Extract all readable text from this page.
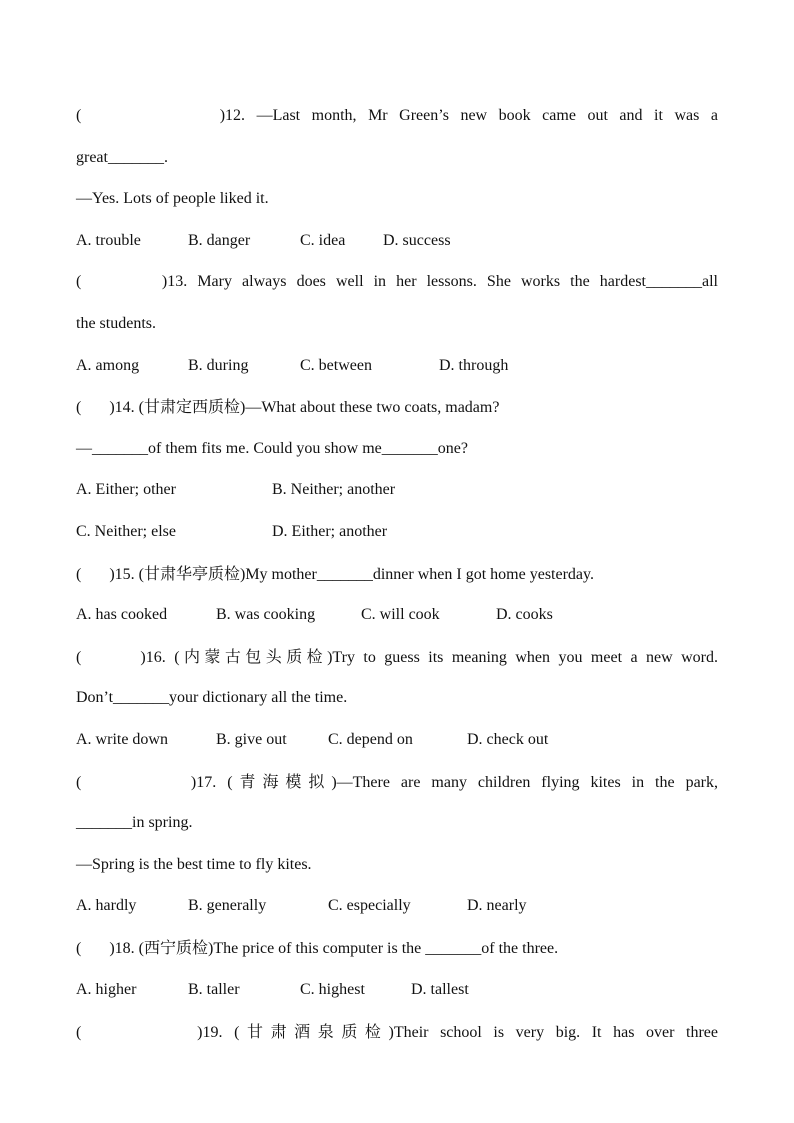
(            )12. —Last month, Mr Green’s new book came out and it was a
great_______.
—Yes. Lots of people liked it.
A. trouble	B. danger	C. idea	D. success
(        )13. Mary always does well in her lessons. She works the hardest_______all
the students.
A. among	B. during	C. between	D. through
(       )14. (甘肃定西质检)—What about these two coats, madam?
—_______of them fits me. Could you show me_______one?
A. Either; other	B. Neither; another
C. Neither; else	D. Either; another
(       )15. (甘肃华亭质检)My mother_______dinner when I got home yesterday.
A. has cooked	B. was cooking	C. will cook	D. cooks
(       )16. (内蒙古包头质检)Try to guess its meaning when you meet a new word.
Don’t_______your dictionary all the time.
A. write down	B. give out	C. depend on	D. check out
(          )17. (青海模拟)—There are many children flying kites in the park,
_______in spring.
—Spring is the best time to fly kites.
A. hardly	B. generally	C. especially	D. nearly
(       )18. (西宁质检)The price of this computer is the _______of the three.
A. higher	B. taller	C. highest	D. tallest
(          )19. (甘肃酒泉质检)Their school is very big. It has over three
